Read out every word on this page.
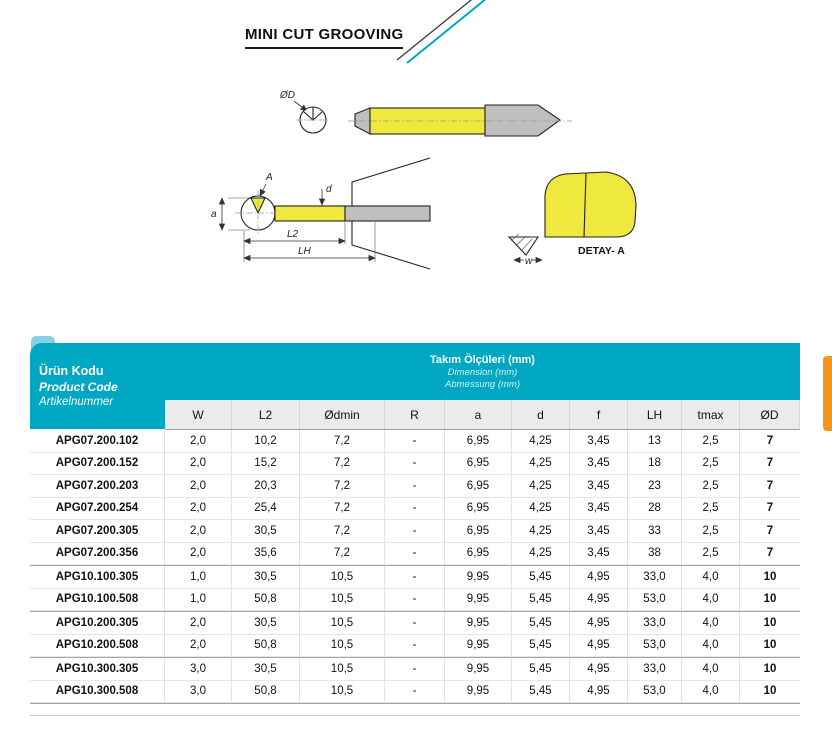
MINI CUT GROOVING
ØD
A
a
d
L2
LH
w
DETAY- A
Ürün Kodu
Product Code
Artikelnummer
Takım Ölçüleri (mm)
Dimension (mm)
Abmessung (mm)
W	L2	Ødmin	R	a	d	f	LH	tmax	ØD
APG07.200.102	2,0	10,2	7,2	-	6,95	4,25	3,45	13	2,5	7
APG07.200.152	2,0	15,2	7,2	-	6,95	4,25	3,45	18	2,5	7
APG07.200.203	2,0	20,3	7,2	-	6,95	4,25	3,45	23	2,5	7
APG07.200.254	2,0	25,4	7,2	-	6,95	4,25	3,45	28	2,5	7
APG07.200.305	2,0	30,5	7,2	-	6,95	4,25	3,45	33	2,5	7
APG07.200.356	2,0	35,6	7,2	-	6,95	4,25	3,45	38	2,5	7
APG10.100.305	1,0	30,5	10,5	-	9,95	5,45	4,95	33,0	4,0	10
APG10.100.508	1,0	50,8	10,5	-	9,95	5,45	4,95	53,0	4,0	10
APG10.200.305	2,0	30,5	10,5	-	9,95	5,45	4,95	33,0	4,0	10
APG10.200.508	2,0	50,8	10,5	-	9,95	5,45	4,95	53,0	4,0	10
APG10.300.305	3,0	30,5	10,5	-	9,95	5,45	4,95	33,0	4,0	10
APG10.300.508	3,0	50,8	10,5	-	9,95	5,45	4,95	53,0	4,0	10
